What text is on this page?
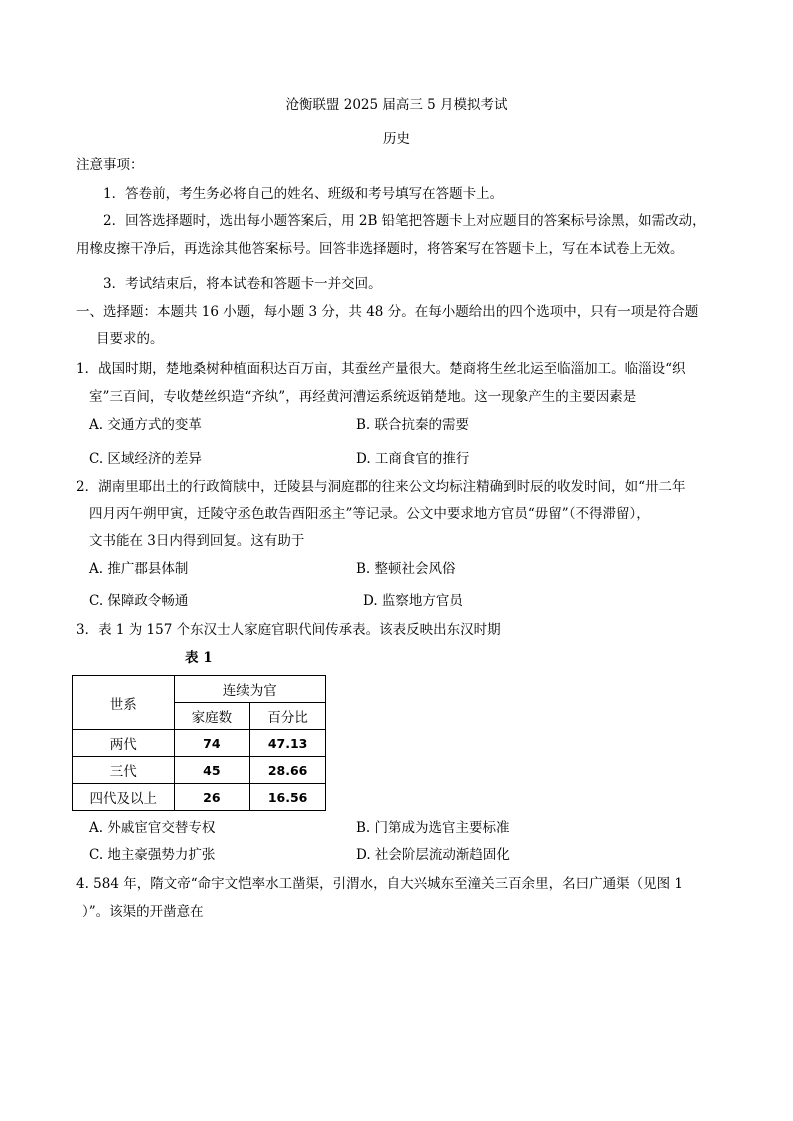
沧衡联盟 2025 届高三 5 月模拟考试
历史
注意事项：
1．答卷前，考生务必将自己的姓名、班级和考号填写在答题卡上。
2．回答选择题时，选出每小题答案后，用 2B 铅笔把答题卡上对应题目的答案标号涂黑，如需改动，
用橡皮擦干净后，再选涂其他答案标号。回答非选择题时，将答案写在答题卡上，写在本试卷上无效。
3．考试结束后，将本试卷和答题卡一并交回。
一、选择题：本题共 16 小题，每小题 3 分，共 48 分。在每小题给出的四个选项中，只有一项是符合题
目要求的。
1．战国时期，楚地桑树种植面积达百万亩，其蚕丝产量很大。楚商将生丝北运至临淄加工。临淄设“织
室”三百间，专收楚丝织造“齐纨”，再经黄河漕运系统返销楚地。这一现象产生的主要因素是
A. 交通方式的变革	B. 联合抗秦的需要
C. 区域经济的差异	D. 工商食官的推行
2．湖南里耶出土的行政简牍中，迁陵县与洞庭郡的往来公文均标注精确到时辰的收发时间，如“卅二年
四月丙午朔甲寅，迁陵守丞色敢告酉阳丞主”等记录。公文中要求地方官员“毋留”（不得滞留），
文书能在 3日内得到回复。这有助于
A. 推广郡县体制	B. 整顿社会风俗
C. 保障政令畅通	D. 监察地方官员
3．表 1 为 157 个东汉士人家庭官职代间传承表。该表反映出东汉时期
表 1
世系	连续为官	
	家庭数	百分比
两代	74	47.13
三代	45	28.66
四代及以上	26	16.56
A. 外戚宦官交替专权	B. 门第成为选官主要标准
C. 地主豪强势力扩张	D. 社会阶层流动渐趋固化
4. 584 年，隋文帝“命宇文恺率水工凿渠，引渭水，自大兴城东至潼关三百余里，名曰广通渠（见图 1
）”。该渠的开凿意在
